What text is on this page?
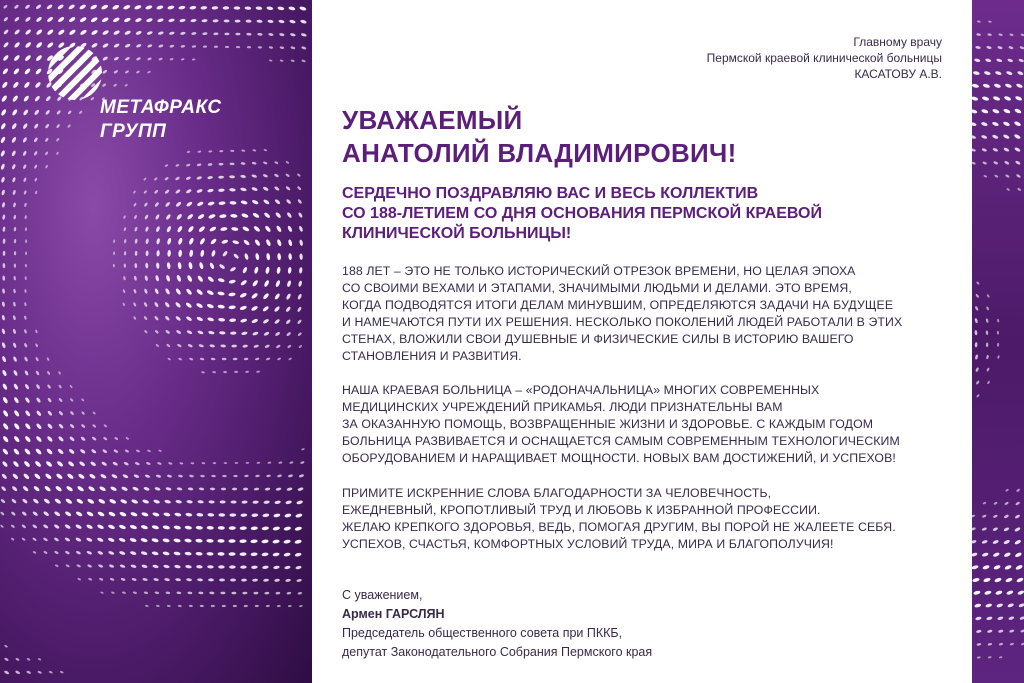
МЕТАФРАКС
ГРУПП
Главному врачу
Пермской краевой клинической больницы
КАСАТОВУ А.В.
УВАЖАЕМЫЙ
АНАТОЛИЙ ВЛАДИМИРОВИЧ!
СЕРДЕЧНО ПОЗДРАВЛЯЮ ВАС И ВЕСЬ КОЛЛЕКТИВ
СО 188-ЛЕТИЕМ СО ДНЯ ОСНОВАНИЯ ПЕРМСКОЙ КРАЕВОЙ
КЛИНИЧЕСКОЙ БОЛЬНИЦЫ!
188 ЛЕТ – ЭТО НЕ ТОЛЬКО ИСТОРИЧЕСКИЙ ОТРЕЗОК ВРЕМЕНИ, НО ЦЕЛАЯ ЭПОХА
СО СВОИМИ ВЕХАМИ И ЭТАПАМИ, ЗНАЧИМЫМИ ЛЮДЬМИ И ДЕЛАМИ. ЭТО ВРЕМЯ,
КОГДА ПОДВОДЯТСЯ ИТОГИ ДЕЛАМ МИНУВШИМ, ОПРЕДЕЛЯЮТСЯ ЗАДАЧИ НА БУДУЩЕЕ
И НАМЕЧАЮТСЯ ПУТИ ИХ РЕШЕНИЯ. НЕСКОЛЬКО ПОКОЛЕНИЙ ЛЮДЕЙ РАБОТАЛИ В ЭТИХ
СТЕНАХ, ВЛОЖИЛИ СВОИ ДУШЕВНЫЕ И ФИЗИЧЕСКИЕ СИЛЫ В ИСТОРИЮ ВАШЕГО
СТАНОВЛЕНИЯ И РАЗВИТИЯ.
НАША КРАЕВАЯ БОЛЬНИЦА – «РОДОНАЧАЛЬНИЦА» МНОГИХ СОВРЕМЕННЫХ
МЕДИЦИНСКИХ УЧРЕЖДЕНИЙ ПРИКАМЬЯ. ЛЮДИ ПРИЗНАТЕЛЬНЫ ВАМ
ЗА ОКАЗАННУЮ ПОМОЩЬ, ВОЗВРАЩЕННЫЕ ЖИЗНИ И ЗДОРОВЬЕ. С КАЖДЫМ ГОДОМ
БОЛЬНИЦА РАЗВИВАЕТСЯ И ОСНАЩАЕТСЯ САМЫМ СОВРЕМЕННЫМ ТЕХНОЛОГИЧЕСКИМ
ОБОРУДОВАНИЕМ И НАРАЩИВАЕТ МОЩНОСТИ. НОВЫХ ВАМ ДОСТИЖЕНИЙ, И УСПЕХОВ!
ПРИМИТЕ ИСКРЕННИЕ СЛОВА БЛАГОДАРНОСТИ ЗА ЧЕЛОВЕЧНОСТЬ,
ЕЖЕДНЕВНЫЙ, КРОПОТЛИВЫЙ ТРУД И ЛЮБОВЬ К ИЗБРАННОЙ ПРОФЕССИИ.
ЖЕЛАЮ КРЕПКОГО ЗДОРОВЬЯ, ВЕДЬ, ПОМОГАЯ ДРУГИМ, ВЫ ПОРОЙ НЕ ЖАЛЕЕТЕ СЕБЯ.
УСПЕХОВ, СЧАСТЬЯ, КОМФОРТНЫХ УСЛОВИЙ ТРУДА, МИРА И БЛАГОПОЛУЧИЯ!
С уважением,
Армен ГАРСЛЯН
Председатель общественного совета при ПККБ,
депутат Законодательного Собрания Пермского края
